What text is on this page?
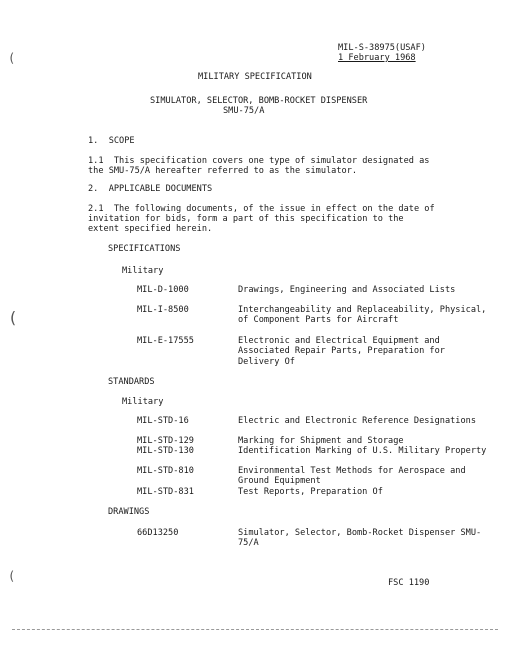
(
(
(
MIL-S-38975(USAF)
1 February 1968
MILITARY SPECIFICATION
SIMULATOR, SELECTOR, BOMB-ROCKET DISPENSER
SMU-75/A
1.  SCOPE
1.1  This specification covers one type of simulator designated as
the SMU-75/A hereafter referred to as the simulator.
2.  APPLICABLE DOCUMENTS
2.1  The following documents, of the issue in effect on the date of
invitation for bids, form a part of this specification to the
extent specified herein.
SPECIFICATIONS
Military
MIL-D-1000	Drawings, Engineering and Associated Lists
MIL-I-8500	Interchangeability and Replaceability, Physical, of Component Parts for Aircraft
MIL-E-17555	Electronic and Electrical Equipment and Associated Repair Parts, Preparation for Delivery Of
STANDARDS
Military
MIL-STD-16	Electric and Electronic Reference Designations
MIL-STD-129	Marking for Shipment and Storage
MIL-STD-130	Identification Marking of U.S. Military Property
MIL-STD-810	Environmental Test Methods for Aerospace and Ground Equipment
MIL-STD-831	Test Reports, Preparation Of
DRAWINGS
66D13250	Simulator, Selector, Bomb-Rocket Dispenser SMU-75/A
FSC 1190
